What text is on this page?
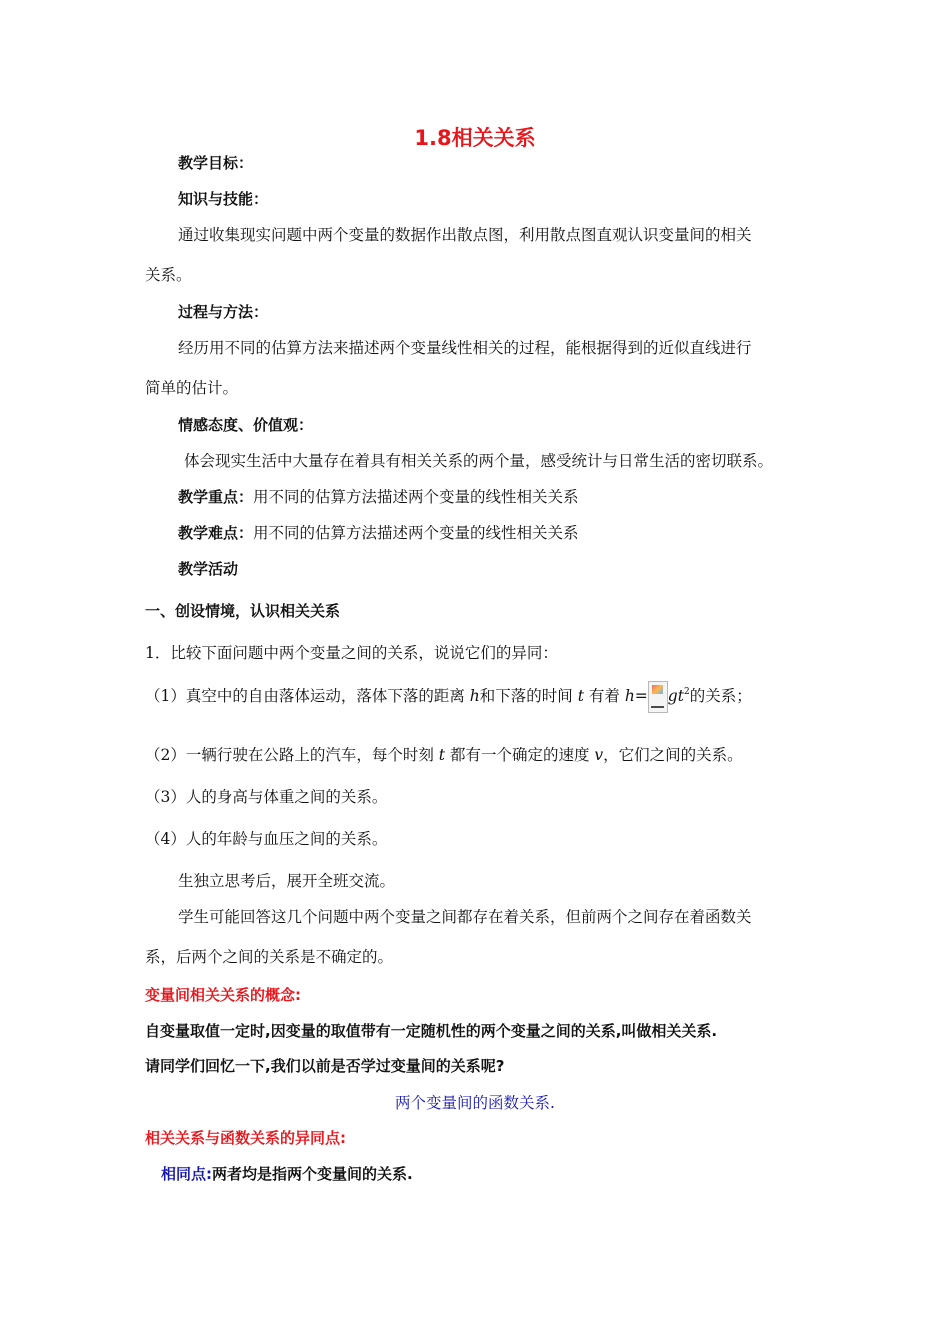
1.8相关关系
教学目标：
知识与技能：
通过收集现实问题中两个变量的数据作出散点图，利用散点图直观认识变量间的相关
关系。
过程与方法：
经历用不同的估算方法来描述两个变量线性相关的过程，能根据得到的近似直线进行
简单的估计。
情感态度、价值观：
体会现实生活中大量存在着具有相关关系的两个量，感受统计与日常生活的密切联系。
教学重点：用不同的估算方法描述两个变量的线性相关关系
教学难点：用不同的估算方法描述两个变量的线性相关关系
教学活动
一、创设情境，认识相关关系
1．比较下面问题中两个变量之间的关系，说说它们的异同：
（1）真空中的自由落体运动，落体下落的距离 h和下落的时间 t 有着 $h= gt^2$的关系；
（2）一辆行驶在公路上的汽车，每个时刻 t 都有一个确定的速度 v，它们之间的关系。
（3）人的身高与体重之间的关系。
（4）人的年龄与血压之间的关系。
生独立思考后，展开全班交流。
学生可能回答这几个问题中两个变量之间都存在着关系，但前两个之间存在着函数关
系，后两个之间的关系是不确定的。
变量间相关关系的概念:
自变量取值一定时,因变量的取值带有一定随机性的两个变量之间的关系,叫做相关关系.
请同学们回忆一下,我们以前是否学过变量间的关系呢?
两个变量间的函数关系.
相关关系与函数关系的异同点:
相同点:两者均是指两个变量间的关系.
